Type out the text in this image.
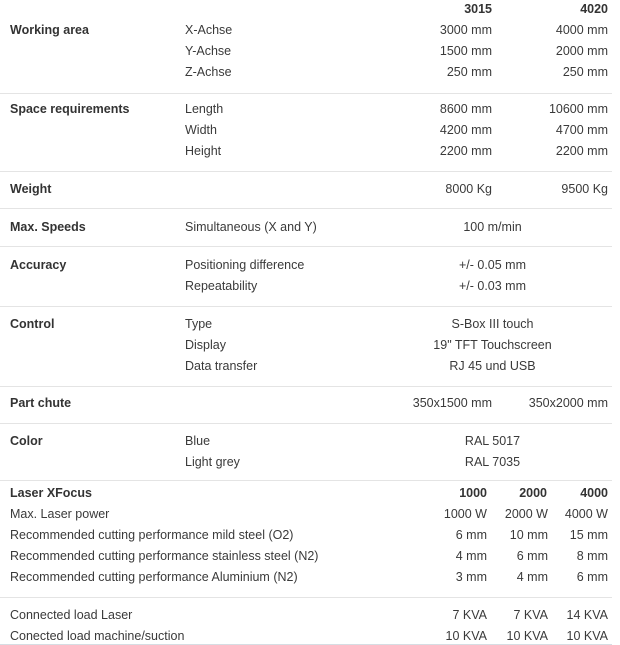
3015	4020
Working area	X-Achse	3000 mm	4000 mm
Y-Achse	1500 mm	2000 mm
Z-Achse	250 mm	250 mm
Space requirements	Length	8600 mm	10600 mm
Width	4200 mm	4700 mm
Height	2200 mm	2200 mm
Weight	8000 Kg	9500 Kg
Max. Speeds	Simultaneous (X and Y)	100 m/min
Accuracy	Positioning difference	+/- 0.05 mm
Repeatability	+/- 0.03 mm
Control	Type	S-Box III touch
Display	19" TFT Touchscreen
Data transfer	RJ 45 und USB
Part chute	350x1500 mm	350x2000 mm
Color	Blue	RAL 5017
Light grey	RAL 7035
Laser XFocus	1000	2000	4000
Max. Laser power	1000 W	2000 W	4000 W
Recommended cutting performance mild steel (O2)	6 mm	10 mm	15 mm
Recommended cutting performance stainless steel (N2)	4 mm	6 mm	8 mm
Recommended cutting performance Aluminium (N2)	3 mm	4 mm	6 mm
Connected load Laser	7 KVA	7 KVA	14 KVA
Conected load machine/suction	10 KVA	10 KVA	10 KVA
